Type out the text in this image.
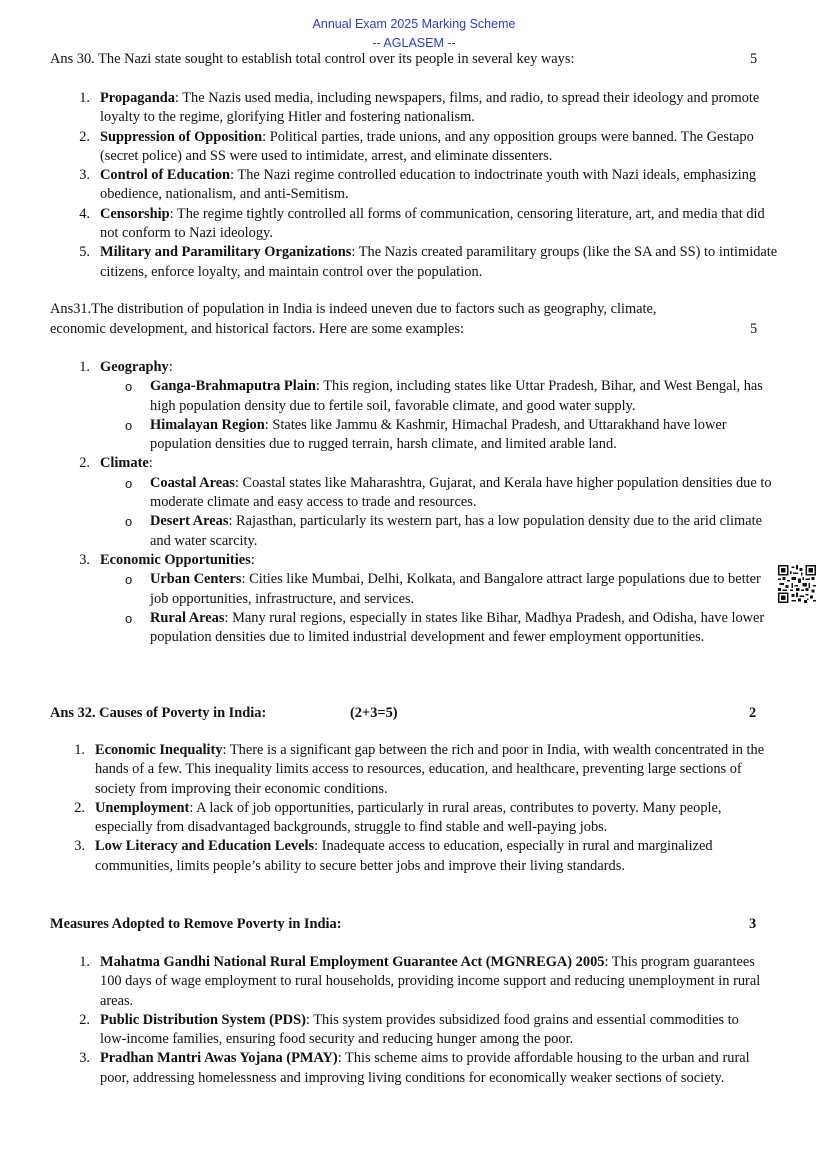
Annual Exam 2025 Marking Scheme
-- AGLASEM --
Ans 30. The Nazi state sought to establish total control over its people in several key ways:	5
1. Propaganda: The Nazis used media, including newspapers, films, and radio, to spread their ideology and promote loyalty to the regime, glorifying Hitler and fostering nationalism.
2. Suppression of Opposition: Political parties, trade unions, and any opposition groups were banned. The Gestapo (secret police) and SS were used to intimidate, arrest, and eliminate dissenters.
3. Control of Education: The Nazi regime controlled education to indoctrinate youth with Nazi ideals, emphasizing obedience, nationalism, and anti-Semitism.
4. Censorship: The regime tightly controlled all forms of communication, censoring literature, art, and media that did not conform to Nazi ideology.
5. Military and Paramilitary Organizations: The Nazis created paramilitary groups (like the SA and SS) to intimidate citizens, enforce loyalty, and maintain control over the population.
Ans31.The distribution of population in India is indeed uneven due to factors such as geography, climate,
economic development, and historical factors. Here are some examples:	5
1. Geography:
o Ganga-Brahmaputra Plain: This region, including states like Uttar Pradesh, Bihar, and West Bengal, has high population density due to fertile soil, favorable climate, and good water supply.
o Himalayan Region: States like Jammu & Kashmir, Himachal Pradesh, and Uttarakhand have lower population densities due to rugged terrain, harsh climate, and limited arable land.
2. Climate:
o Coastal Areas: Coastal states like Maharashtra, Gujarat, and Kerala have higher population densities due to moderate climate and easy access to trade and resources.
o Desert Areas: Rajasthan, particularly its western part, has a low population density due to the arid climate and water scarcity.
3. Economic Opportunities:
o Urban Centers: Cities like Mumbai, Delhi, Kolkata, and Bangalore attract large populations due to better job opportunities, infrastructure, and services.
o Rural Areas: Many rural regions, especially in states like Bihar, Madhya Pradesh, and Odisha, have lower population densities due to limited industrial development and fewer employment opportunities.
Ans 32. Causes of Poverty in India:	(2+3=5)	2
1. Economic Inequality: There is a significant gap between the rich and poor in India, with wealth concentrated in the hands of a few. This inequality limits access to resources, education, and healthcare, preventing large sections of society from improving their economic conditions.
2. Unemployment: A lack of job opportunities, particularly in rural areas, contributes to poverty. Many people, especially from disadvantaged backgrounds, struggle to find stable and well-paying jobs.
3. Low Literacy and Education Levels: Inadequate access to education, especially in rural and marginalized communities, limits people’s ability to secure better jobs and improve their living standards.
Measures Adopted to Remove Poverty in India:	3
1. Mahatma Gandhi National Rural Employment Guarantee Act (MGNREGA) 2005: This program guarantees 100 days of wage employment to rural households, providing income support and reducing unemployment in rural areas.
2. Public Distribution System (PDS): This system provides subsidized food grains and essential commodities to low-income families, ensuring food security and reducing hunger among the poor.
3. Pradhan Mantri Awas Yojana (PMAY): This scheme aims to provide affordable housing to the urban and rural poor, addressing homelessness and improving living conditions for economically weaker sections of society.
